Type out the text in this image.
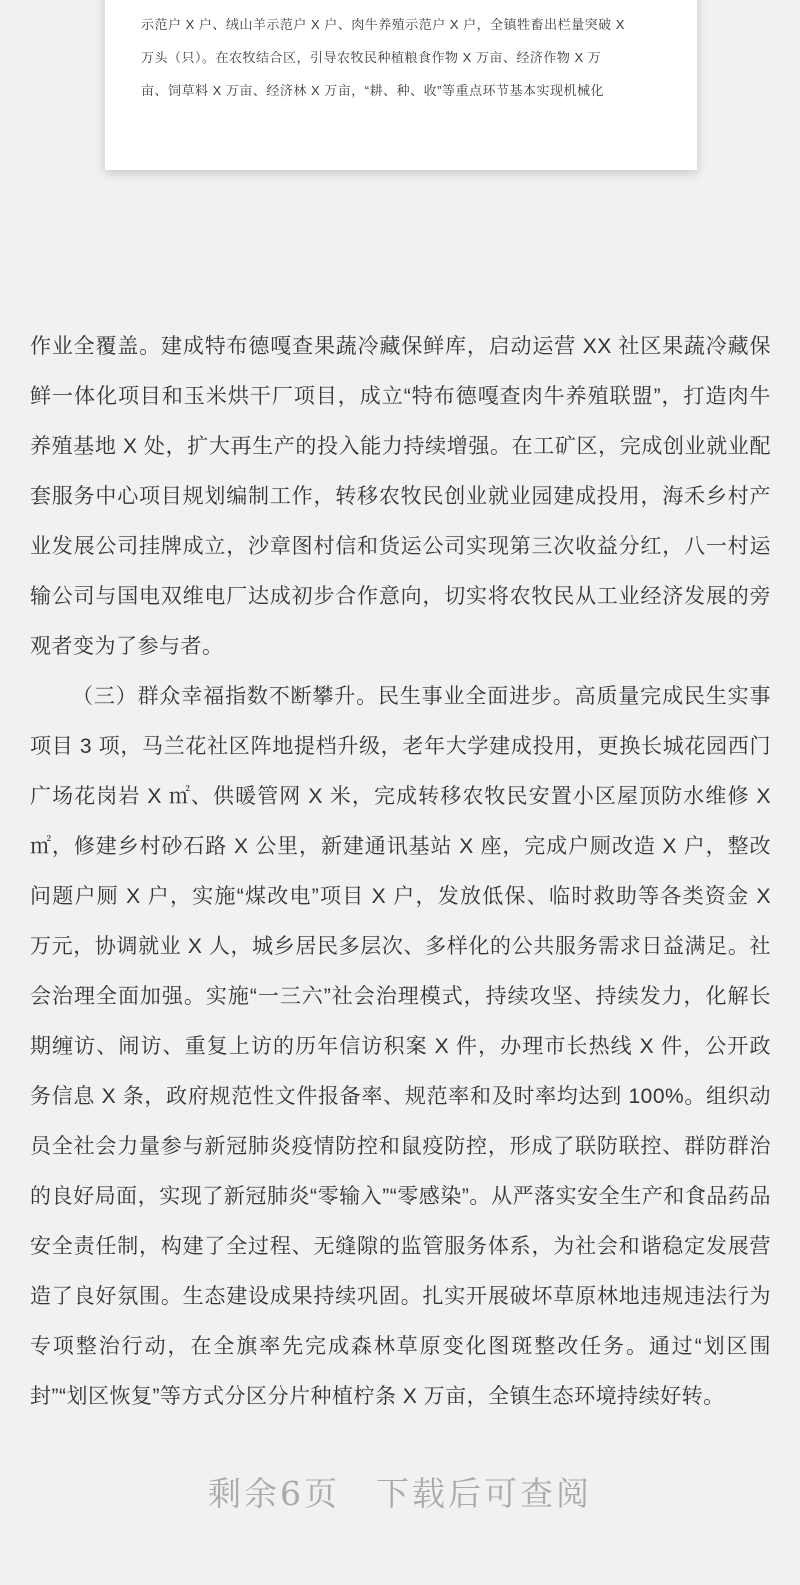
示范户 X 户、绒山羊示范户 X 户、肉牛养殖示范户 X 户，全镇牲畜出栏量突破 X

万头（只）。在农牧结合区，引导农牧民种植粮食作物 X 万亩、经济作物 X 万

亩、饲草料 X 万亩、经济林 X 万亩，“耕、种、收”等重点环节基本实现机械化

作业全覆盖。建成特布德嘎查果蔬冷藏保鲜库，启动运营 XX 社区果蔬冷藏保鲜一体化项目和玉米烘干厂项目，成立“特布德嘎查肉牛养殖联盟”，打造肉牛养殖基地 X 处，扩大再生产的投入能力持续增强。在工矿区，完成创业就业配套服务中心项目规划编制工作，转移农牧民创业就业园建成投用，海禾乡村产业发展公司挂牌成立，沙章图村信和货运公司实现第三次收益分红，八一村运输公司与国电双维电厂达成初步合作意向，切实将农牧民从工业经济发展的旁观者变为了参与者。

（三）群众幸福指数不断攀升。民生事业全面进步。高质量完成民生实事项目 3 项，马兰花社区阵地提档升级，老年大学建成投用，更换长城花园西门广场花岗岩 X ㎡、供暖管网 X 米，完成转移农牧民安置小区屋顶防水维修 X ㎡，修建乡村砂石路 X 公里，新建通讯基站 X 座，完成户厕改造 X 户，整改问题户厕 X 户，实施“煤改电”项目 X 户，发放低保、临时救助等各类资金 X 万元，协调就业 X 人，城乡居民多层次、多样化的公共服务需求日益满足。社会治理全面加强。实施“一三六”社会治理模式，持续攻坚、持续发力，化解长期缠访、闹访、重复上访的历年信访积案 X 件，办理市长热线 X 件，公开政务信息 X 条，政府规范性文件报备率、规范率和及时率均达到 100%。组织动员全社会力量参与新冠肺炎疫情防控和鼠疫防控，形成了联防联控、群防群治的良好局面，实现了新冠肺炎“零输入”“零感染”。从严落实安全生产和食品药品安全责任制，构建了全过程、无缝隙的监管服务体系，为社会和谐稳定发展营造了良好氛围。生态建设成果持续巩固。扎实开展破坏草原林地违规违法行为专项整治行动，在全旗率先完成森林草原变化图斑整改任务。通过“划区围封”“划区恢复”等方式分区分片种植柠条 X 万亩，全镇生态环境持续好转。

剩余6页　下载后可查阅
